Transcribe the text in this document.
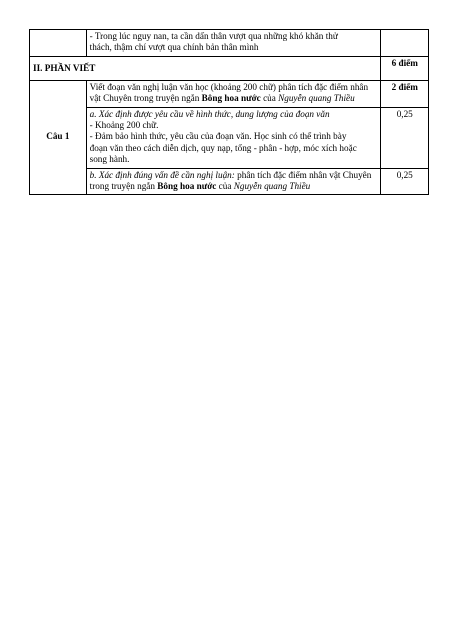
	- Trong lúc nguy nan, ta cần dấn thân vượt qua những khó khăn thử
thách, thậm chí vượt qua chính bản thân mình	

II. PHẦN VIẾT		6 điểm
Câu 1	Viết đoạn văn nghị luận văn học (khoảng 200 chữ) phân tích đặc điểm nhân vật Chuyên trong truyện ngắn Bông hoa nước của Nguyễn quang Thiều	2 điểm

	a. Xác định được yêu cầu về hình thức, dung lượng của đoạn văn
- Khoảng 200 chữ.
- Đảm bảo hình thức, yêu cầu của đoạn văn. Học sinh có thể trình bày
đoạn văn theo cách diễn dịch, quy nạp, tổng - phân - hợp, móc xích hoặc
song hành.	0,25
	b. Xác định đúng vấn đề cần nghị luận: phân tích đặc điểm nhân vật Chuyên trong truyện ngắn Bông hoa nước của Nguyễn quang Thiều	0,25
